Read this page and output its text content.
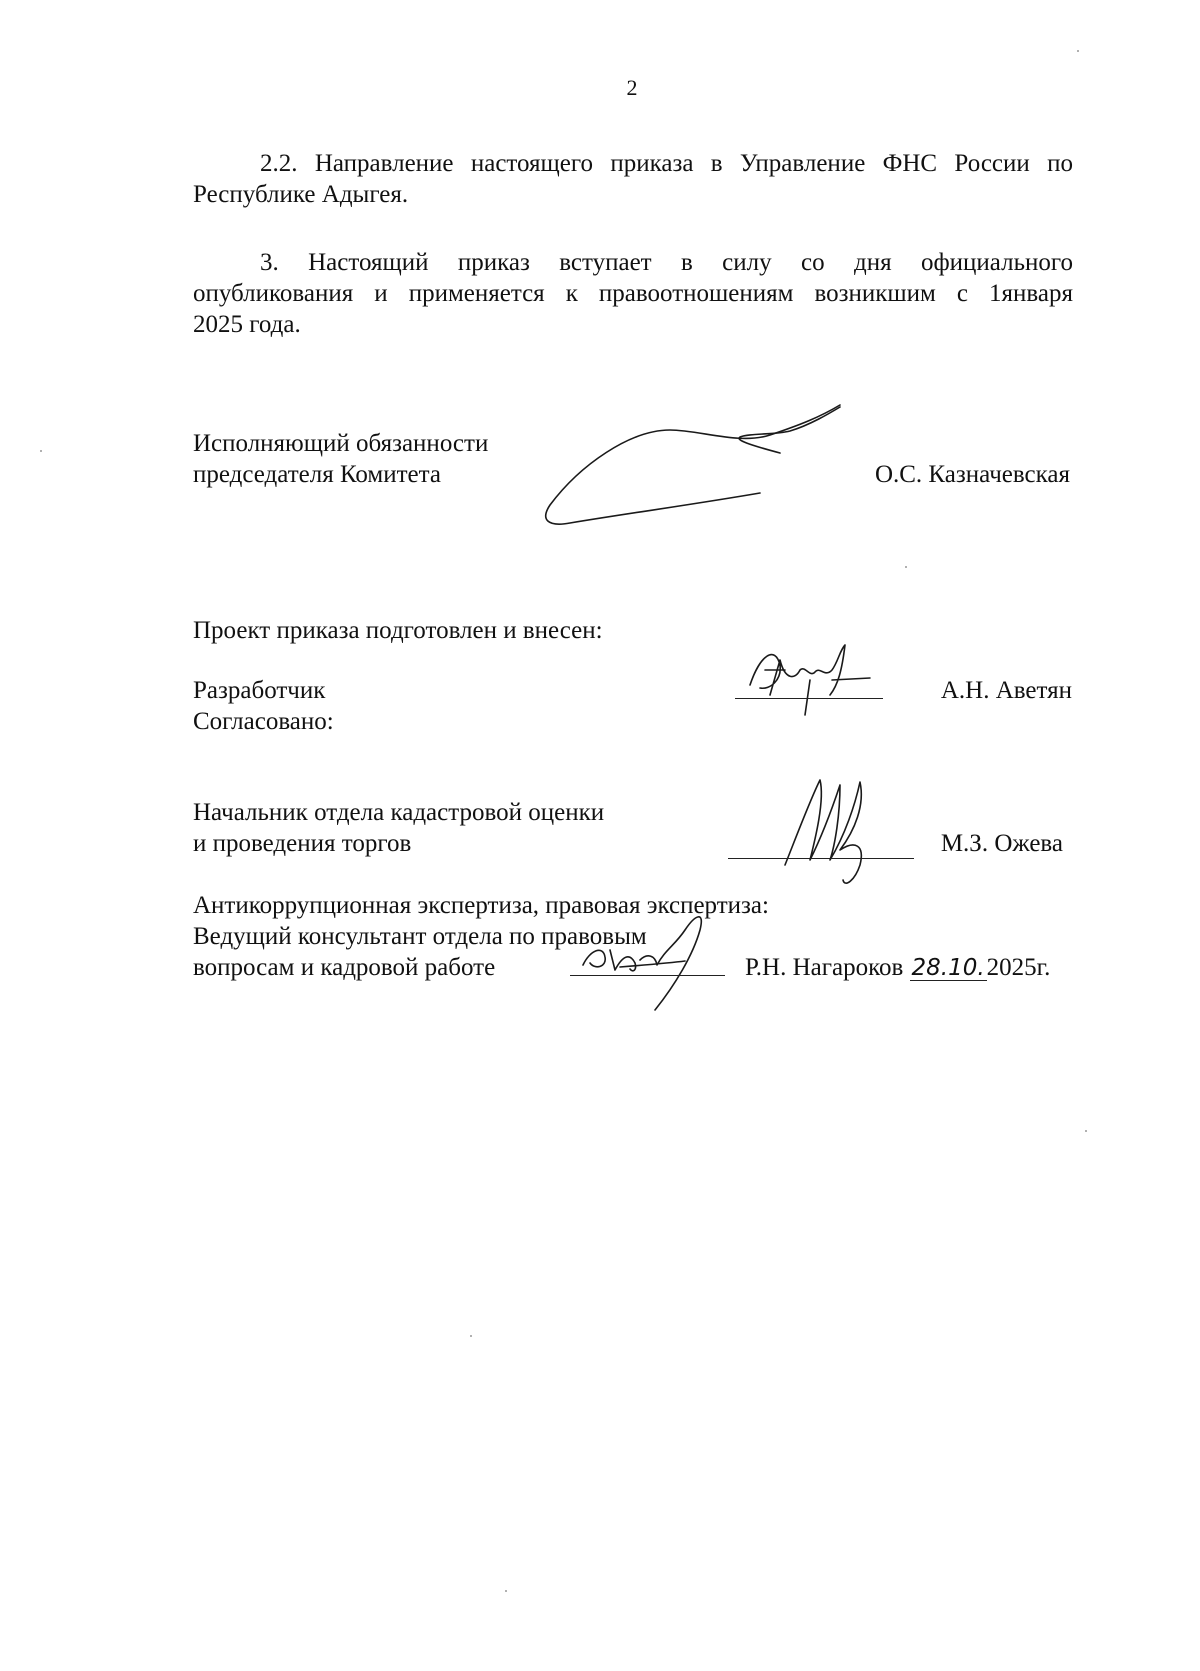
2
2.2. Направление настоящего приказа в Управление ФНС России по
Республике Адыгея.
3. Настоящий приказ вступает в силу со дня официального
опубликования и применяется к правоотношениям возникшим с 1января
2025 года.
Исполняющий обязанности
председателя Комитета	О.С. Казначевская
Проект приказа подготовлен и внесен:
Разработчик	А.Н. Аветян
Согласовано:
Начальник отдела кадастровой оценки
и проведения торгов	М.З. Ожева
Антикоррупционная экспертиза, правовая экспертиза:
Ведущий консультант отдела по правовым
вопросам и кадровой работе	Р.Н. Нагароков 28.10.2025г.
